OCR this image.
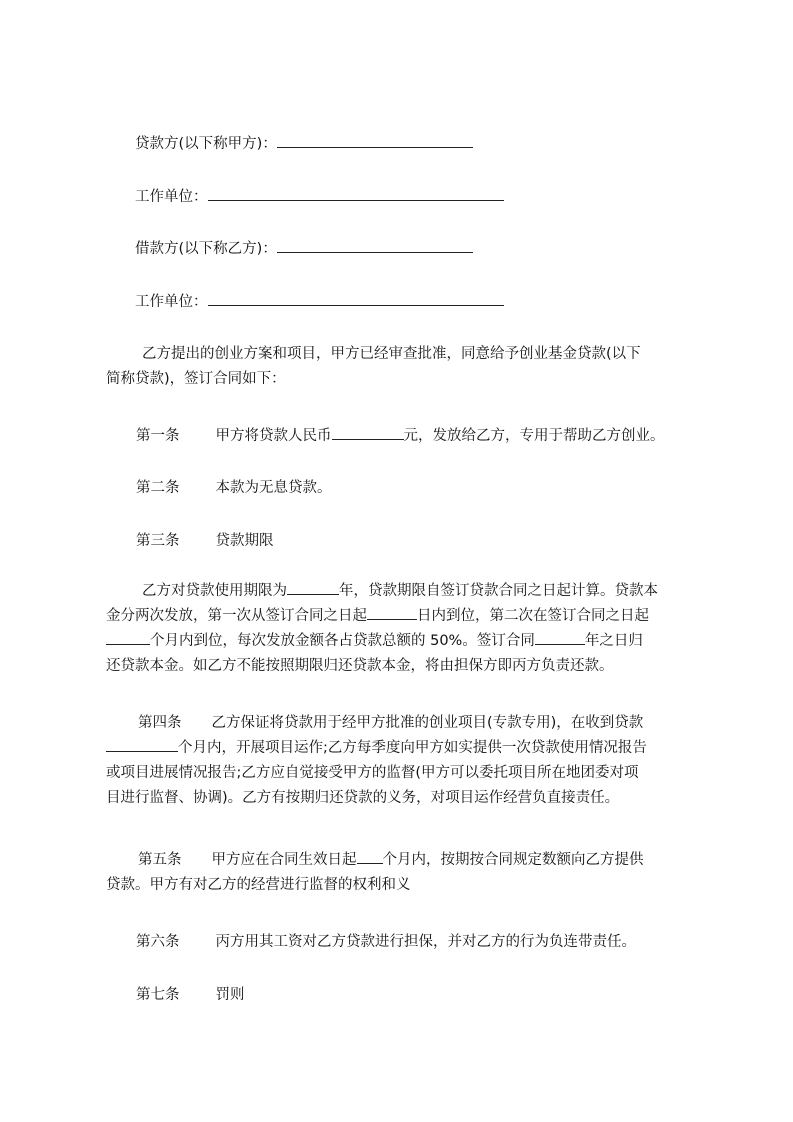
贷款方(以下称甲方)：
工作单位：
借款方(以下称乙方)：
工作单位：
乙方提出的创业方案和项目，甲方已经审查批准，同意给予创业基金贷款(以下
简称贷款)，签订合同如下：
第一条 甲方将贷款人民币	元，发放给乙方，专用于帮助乙方创业。
第二条 本款为无息贷款。
第三条 贷款期限
乙方对贷款使用期限为	年，贷款期限自签订贷款合同之日起计算。贷款本
金分两次发放，第一次从签订合同之日起	日内到位，第二次在签订合同之日起
个月内到位，每次发放金额各占贷款总额的 50%。签订合同	年之日归
还贷款本金。如乙方不能按照期限归还贷款本金，将由担保方即丙方负责还款。
第四条 乙方保证将贷款用于经甲方批准的创业项目(专款专用)，在收到贷款
个月内，开展项目运作;乙方每季度向甲方如实提供一次贷款使用情况报告
或项目进展情况报告;乙方应自觉接受甲方的监督(甲方可以委托项目所在地团委对项
目进行监督、协调)。乙方有按期归还贷款的义务，对项目运作经营负直接责任。
第五条 甲方应在合同生效日起 个月内，按期按合同规定数额向乙方提供
贷款。甲方有对乙方的经营进行监督的权利和义
第六条 丙方用其工资对乙方贷款进行担保，并对乙方的行为负连带责任。
第七条 罚则
